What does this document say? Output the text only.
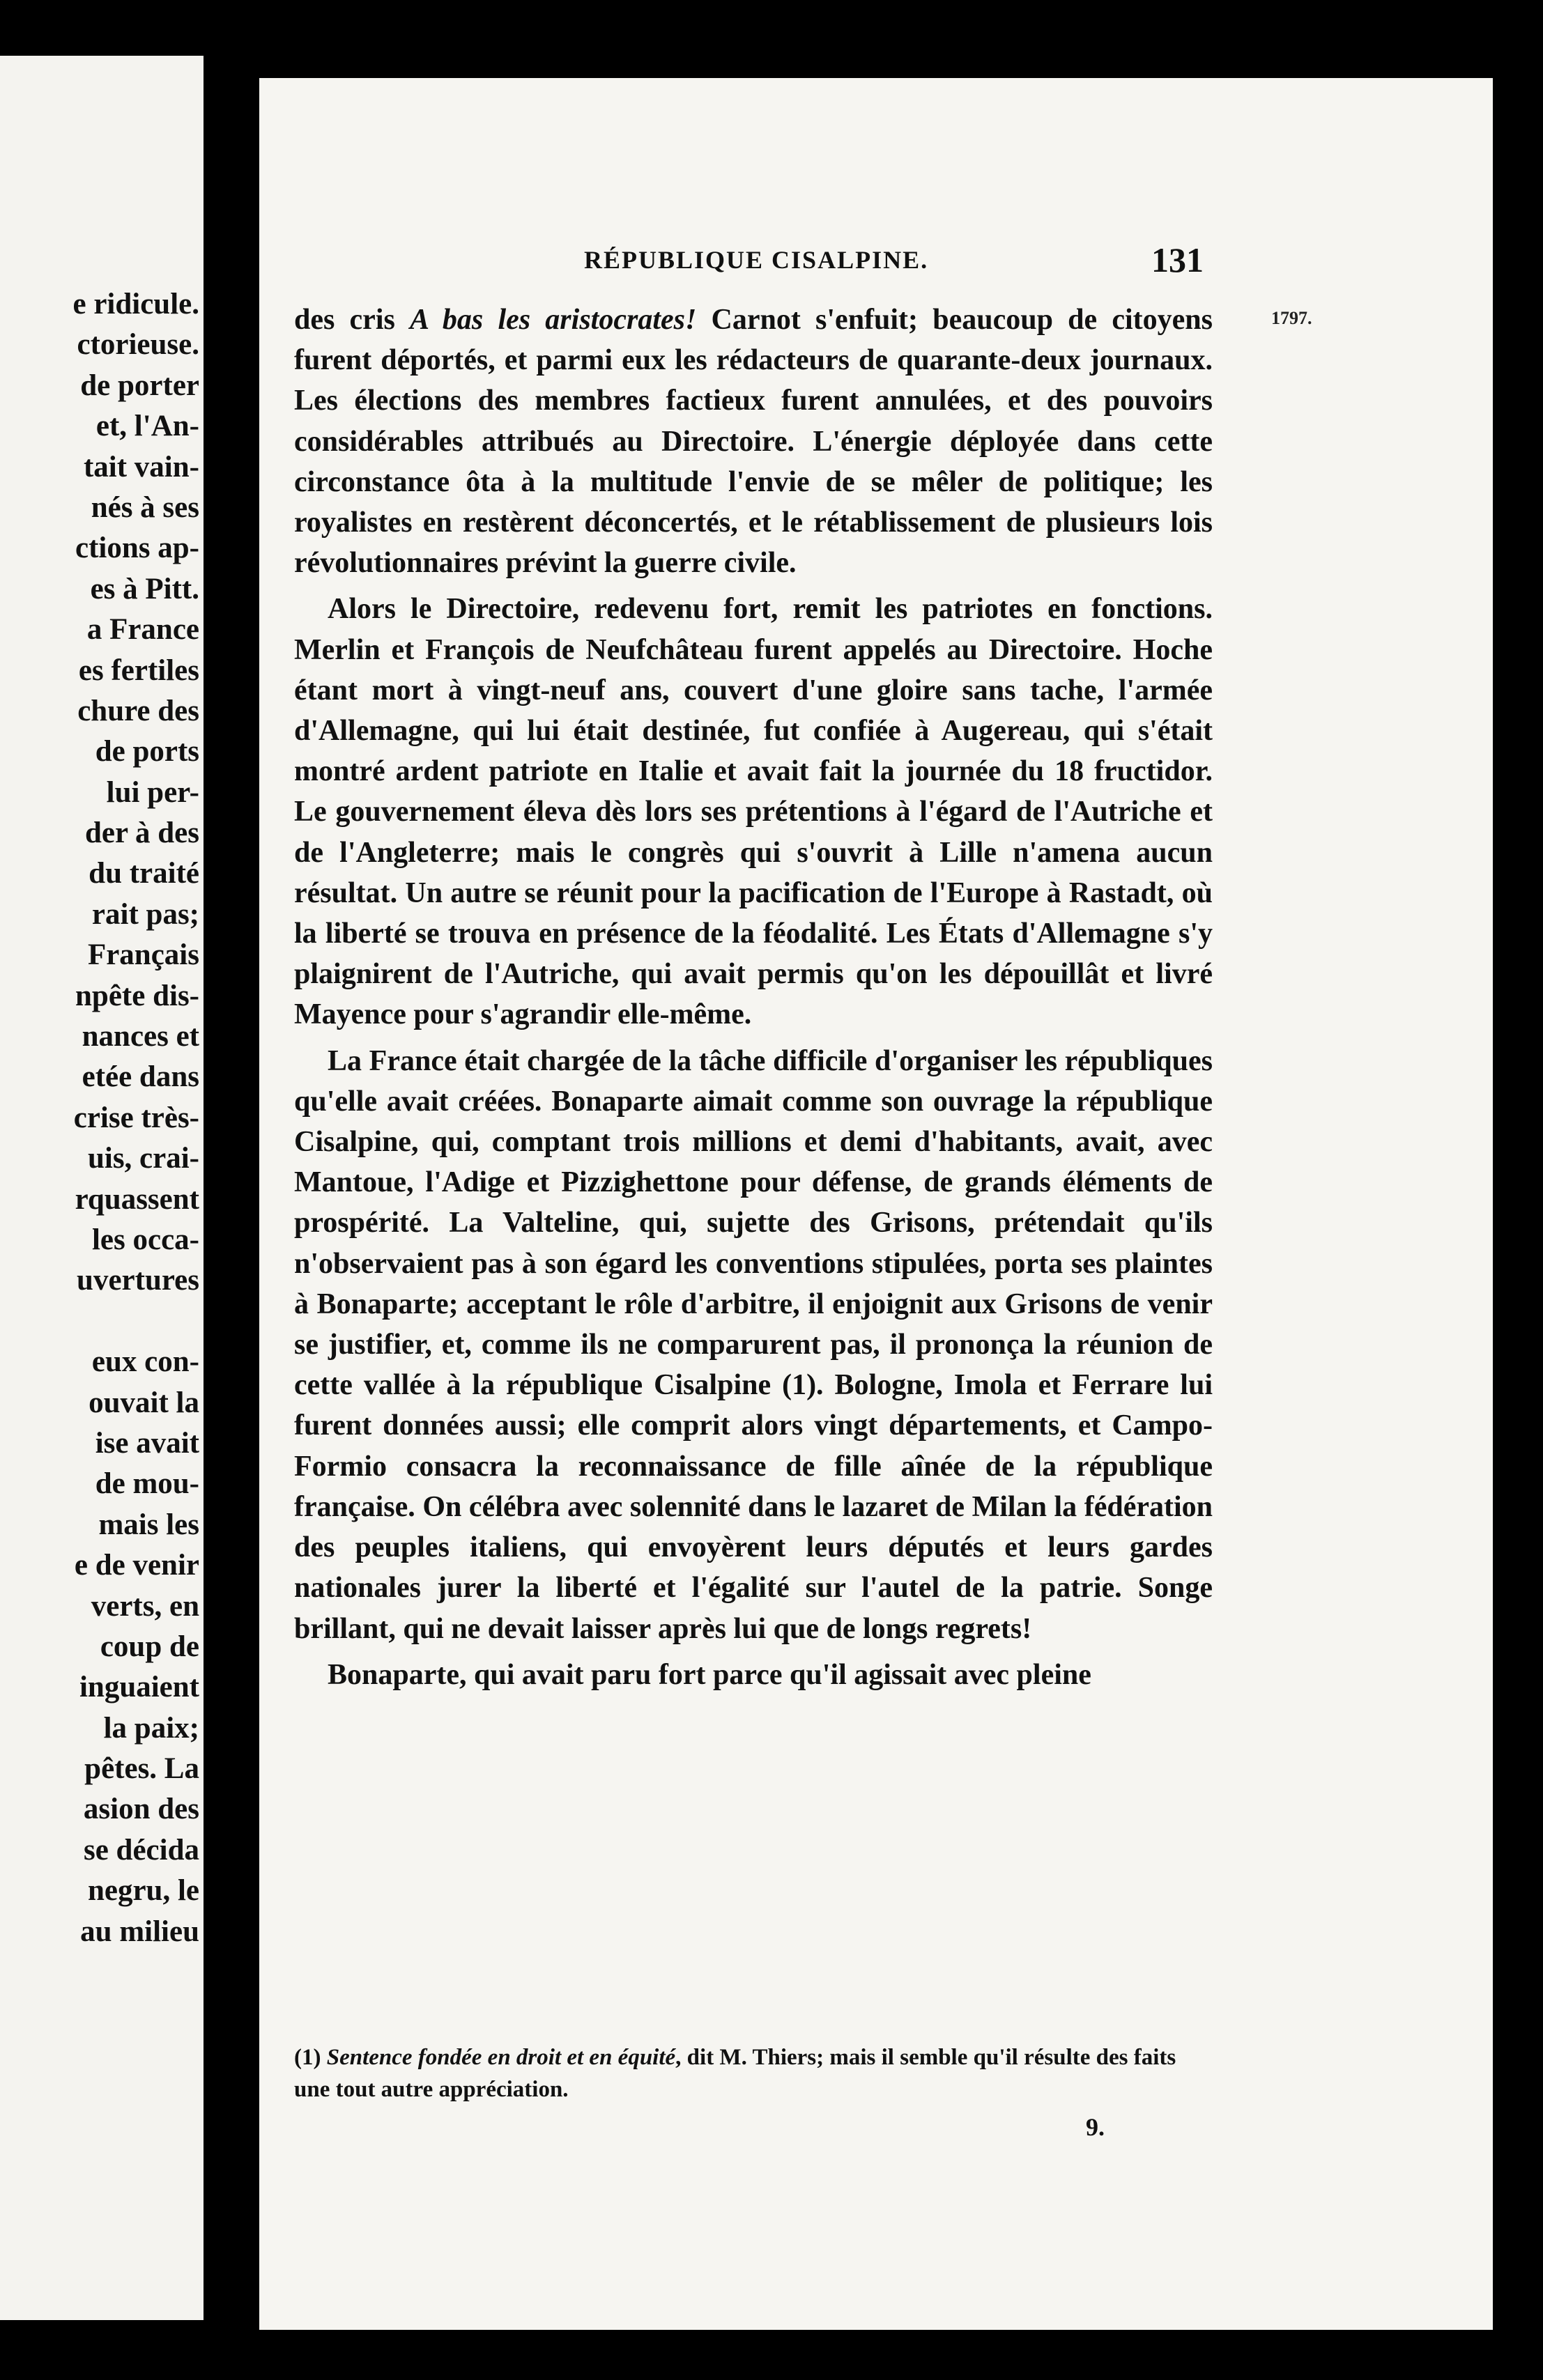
e ridicule.
ctorieuse.
de porter
et, l'An-
tait vain-
nés à ses
ctions ap-
es à Pitt.
a France
es fertiles
chure des
de ports
lui per-
der à des
du traité
rait pas;
Français
npête dis-
nances et
etée dans
crise très-
uis, crai-
rquassent
les occa-
uvertures

eux con-
ouvait la
ise avait
de mou-
mais les
e de venir
verts, en
coup de
inguaient
la paix;
pêtes. La
asion des
se décida
negru, le
au milieu
RÉPUBLIQUE CISALPINE.	131
1797.

des cris A bas les aristocrates! Carnot s'enfuit; beaucoup de citoyens furent déportés, et parmi eux les rédacteurs de quarante-deux journaux. Les élections des membres factieux furent annulées, et des pouvoirs considérables attribués au Directoire. L'énergie déployée dans cette circonstance ôta à la multitude l'envie de se mêler de politique; les royalistes en restèrent déconcertés, et le rétablissement de plusieurs lois révolutionnaires prévint la guerre civile.

Alors le Directoire, redevenu fort, remit les patriotes en fonctions. Merlin et François de Neufchâteau furent appelés au Directoire. Hoche étant mort à vingt-neuf ans, couvert d'une gloire sans tache, l'armée d'Allemagne, qui lui était destinée, fut confiée à Augereau, qui s'était montré ardent patriote en Italie et avait fait la journée du 18 fructidor. Le gouvernement éleva dès lors ses prétentions à l'égard de l'Autriche et de l'Angleterre; mais le congrès qui s'ouvrit à Lille n'amena aucun résultat. Un autre se réunit pour la pacification de l'Europe à Rastadt, où la liberté se trouva en présence de la féodalité. Les États d'Allemagne s'y plaignirent de l'Autriche, qui avait permis qu'on les dépouillât et livré Mayence pour s'agrandir elle-même.

La France était chargée de la tâche difficile d'organiser les républiques qu'elle avait créées. Bonaparte aimait comme son ouvrage la république Cisalpine, qui, comptant trois millions et demi d'habitants, avait, avec Mantoue, l'Adige et Pizzighettone pour défense, de grands éléments de prospérité. La Valteline, qui, sujette des Grisons, prétendait qu'ils n'observaient pas à son égard les conventions stipulées, porta ses plaintes à Bonaparte; acceptant le rôle d'arbitre, il enjoignit aux Grisons de venir se justifier, et, comme ils ne comparurent pas, il prononça la réunion de cette vallée à la république Cisalpine (1). Bologne, Imola et Ferrare lui furent données aussi; elle comprit alors vingt départements, et Campo-Formio consacra la reconnaissance de fille aînée de la république française. On célébra avec solennité dans le lazaret de Milan la fédération des peuples italiens, qui envoyèrent leurs députés et leurs gardes nationales jurer la liberté et l'égalité sur l'autel de la patrie. Songe brillant, qui ne devait laisser après lui que de longs regrets!

Bonaparte, qui avait paru fort parce qu'il agissait avec pleine

(1) Sentence fondée en droit et en équité, dit M. Thiers; mais il semble qu'il résulte des faits une tout autre appréciation.
9.
